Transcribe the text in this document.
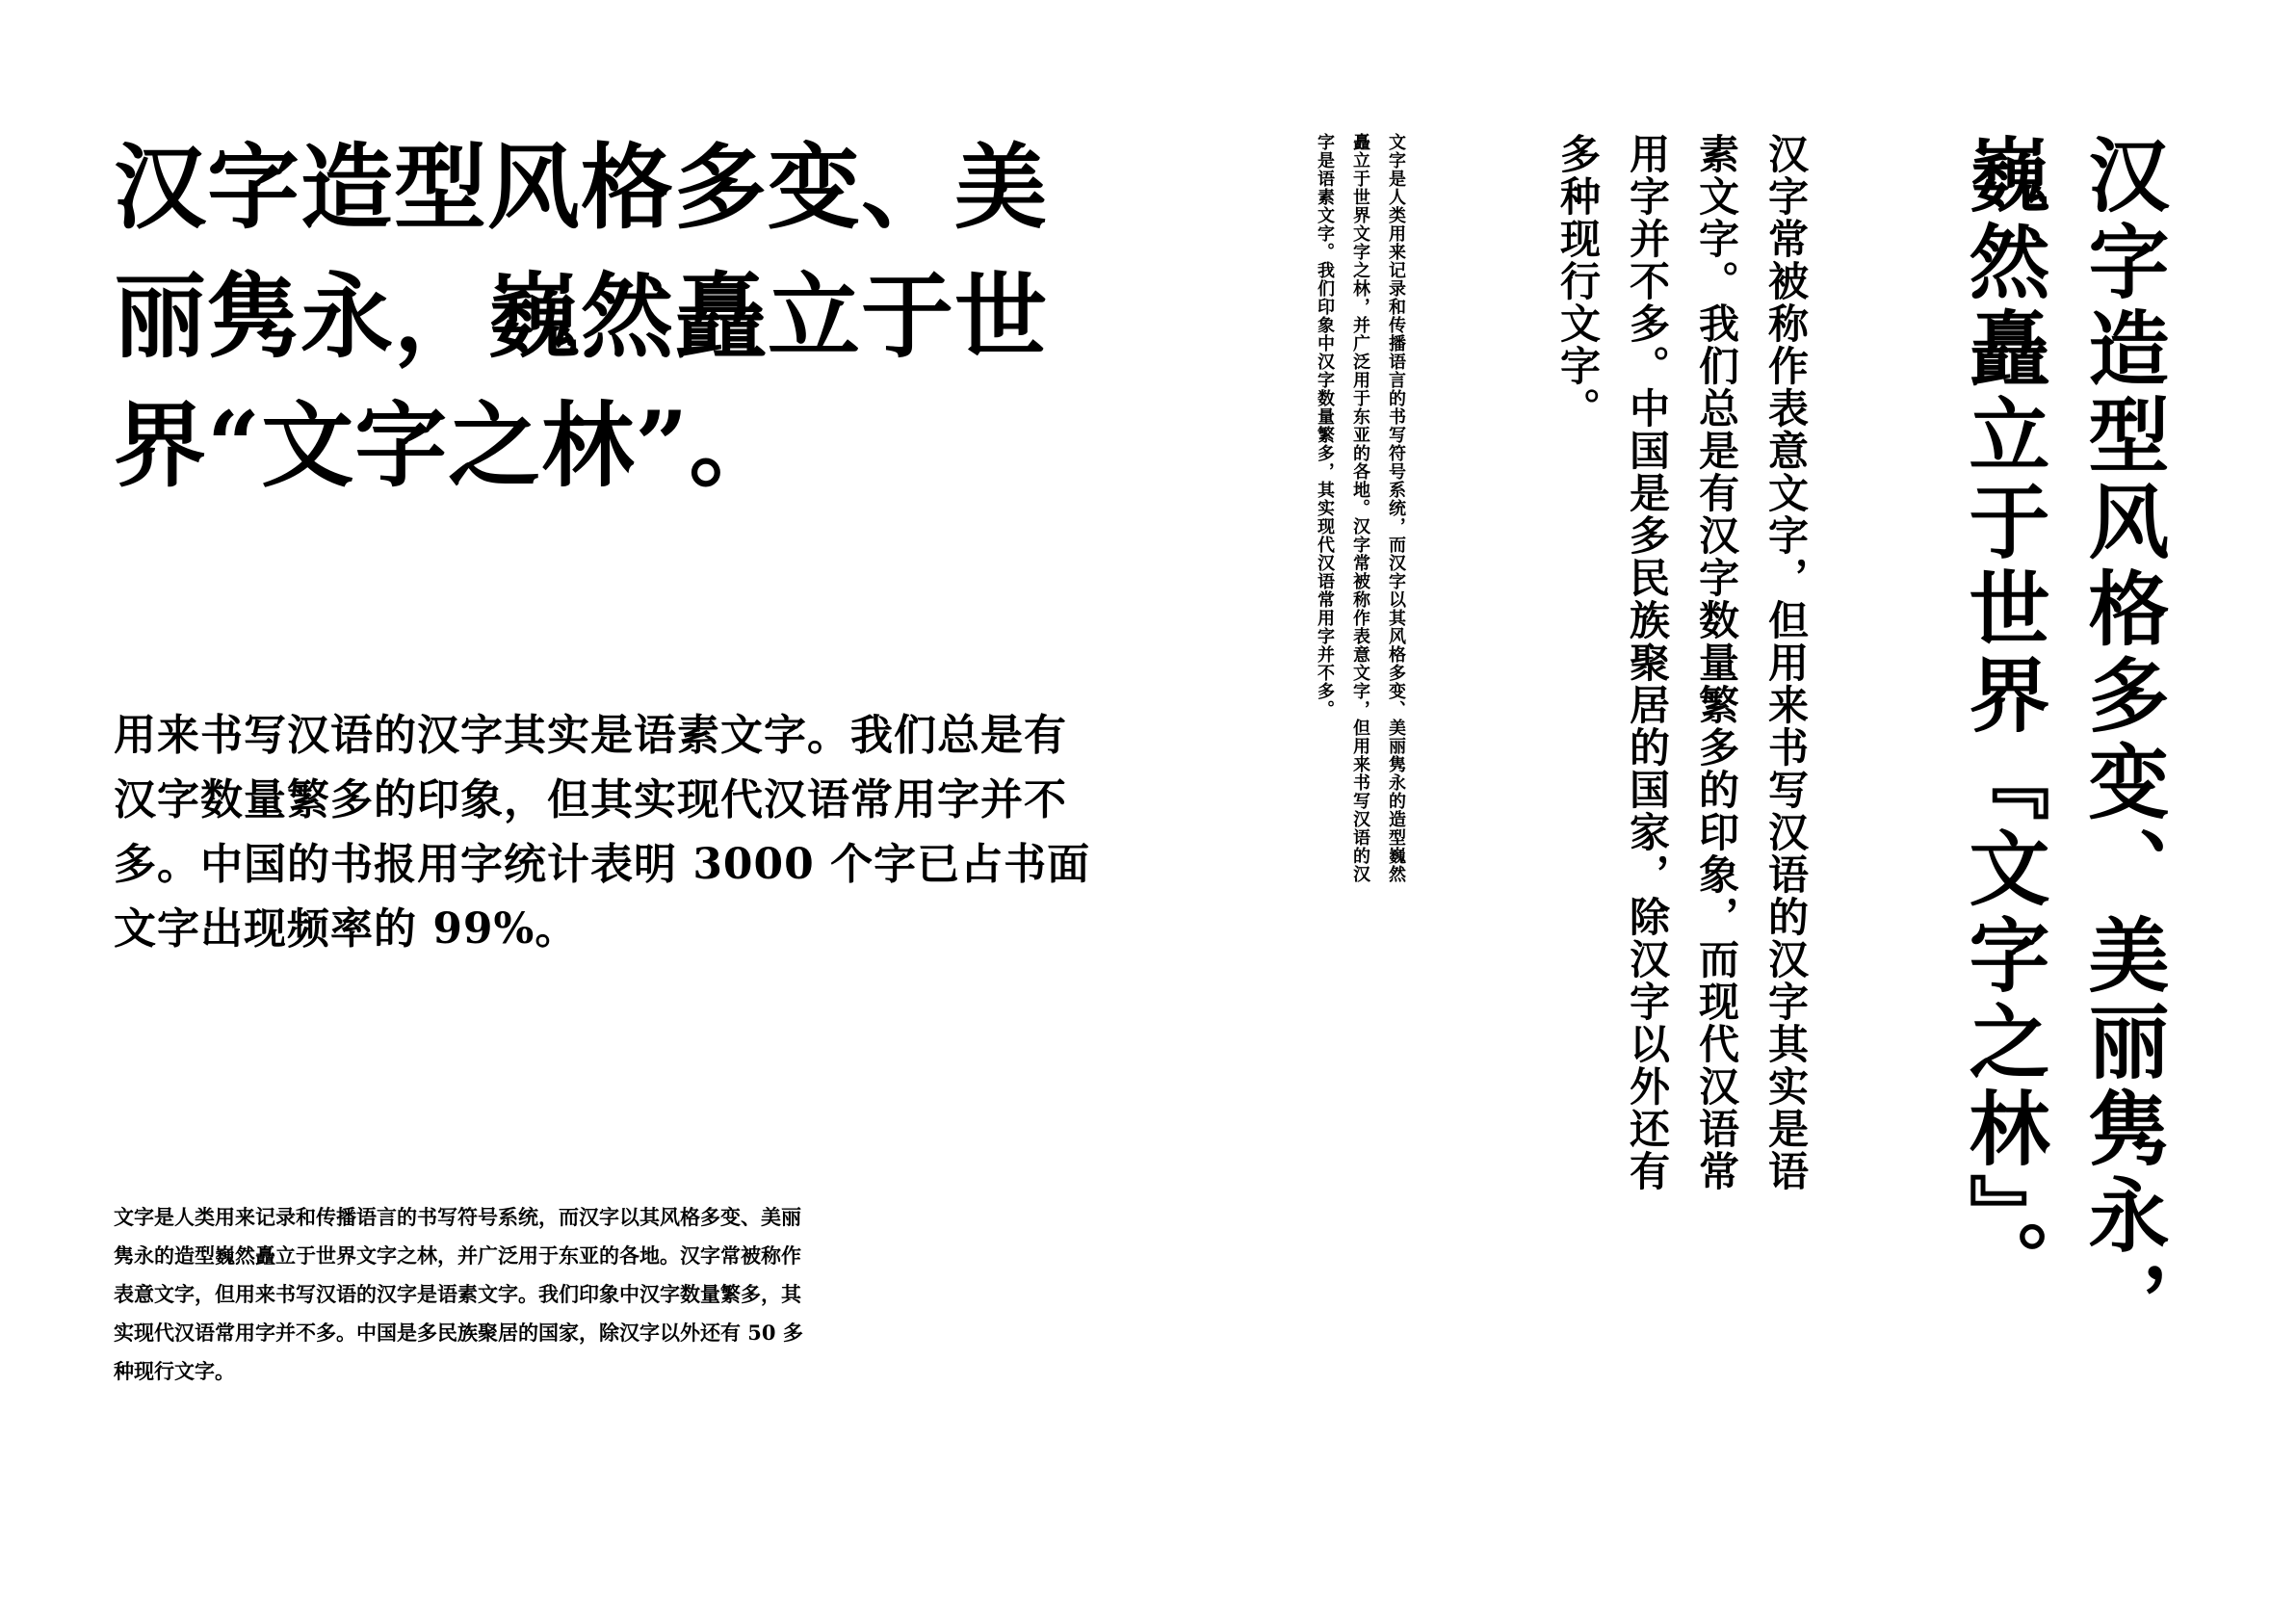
汉字造型风格多变、美丽隽永，巍然矗立于世界“文字之林”。
用来书写汉语的汉字其实是语素文字。我们总是有汉字数量繁多的印象，但其实现代汉语常用字并不多。中国的书报用字统计表明 3000 个字已占书面文字出现频率的 99%。
文字是人类用来记录和传播语言的书写符号系统，而汉字以其风格多变、美丽隽永的造型巍然矗立于世界文字之林，并广泛用于东亚的各地。汉字常被称作表意文字，但用来书写汉语的汉字是语素文字。我们印象中汉字数量繁多，其实现代汉语常用字并不多。中国是多民族聚居的国家，除汉字以外还有 50 多种现行文字。
文字是人类用来记录和传播语言的书写符号系统，而汉字以其风格多变、美丽隽永的造型巍然矗立于世界文字之林，并广泛用于东亚的各地。汉字常被称作表意文字，但用来书写汉语的汉字是语素文字。我们印象中汉字数量繁多，其实现代汉语常用字并不多。	汉字常被称作表意文字，但用来书写汉语的汉字其实是语素文字。我们总是有汉字数量繁多的印象，而现代汉语常用字并不多。中国是多民族聚居的国家，除汉字以外还有多种现行文字。	汉字造型风格多变、美丽隽永，巍然矗立于世界『文字之林』。
